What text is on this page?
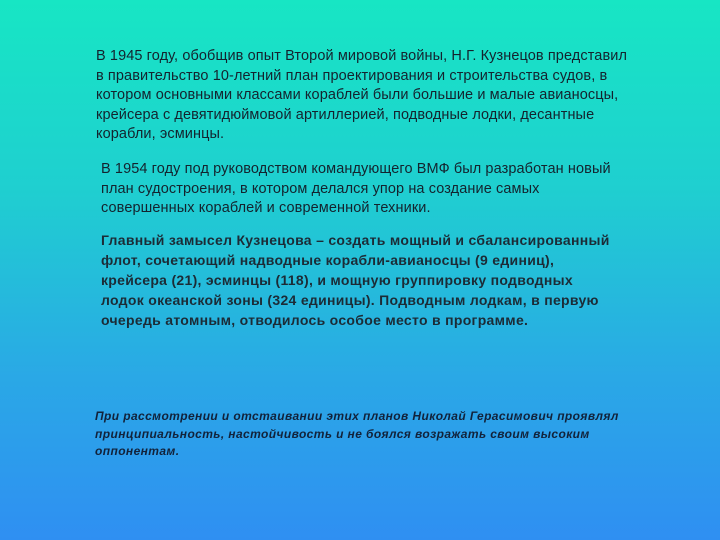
В 1945 году, обобщив опыт Второй мировой войны, Н.Г. Кузнецов представил
в правительство 10-летний план проектирования и строительства судов, в
котором основными классами кораблей были большие и малые авианосцы,
крейсера с девятидюймовой артиллерией, подводные лодки, десантные
корабли, эсминцы.

В 1954 году под руководством командующего ВМФ был разработан новый
план судостроения, в котором делался упор на создание самых
совершенных кораблей и современной техники.

Главный замысел Кузнецова – создать мощный и сбалансированный
флот, сочетающий надводные корабли-авианосцы (9 единиц),
крейсера (21), эсминцы (118), и мощную группировку подводных
лодок океанской зоны (324 единицы). Подводным лодкам, в первую
очередь атомным, отводилось особое место в программе.

При рассмотрении и отстаивании этих планов Николай Герасимович проявлял
принципиальность, настойчивость и не боялся возражать своим высоким
оппонентам.
